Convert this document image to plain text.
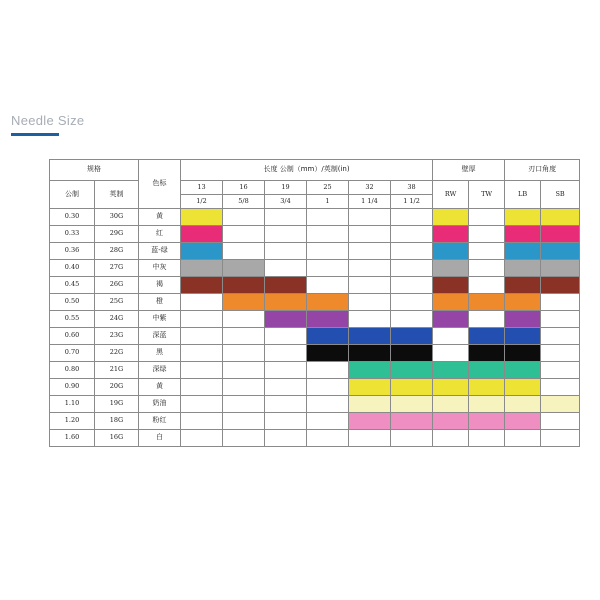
Needle Size
规格		色标	长度 公制（mm）/英制(in)						壁厚		刃口角度	
公制	英制		13	16	19	25	32	38	RW	TW	LB	SB
			1/2	5/8	3/4	1	1 1/4	1 1/2				
0.30	30G	黄										
0.33	29G	红										
0.36	28G	蓝-绿										
0.40	27G	中灰										
0.45	26G	褐										
0.50	25G	橙										
0.55	24G	中紫										
0.60	23G	深蓝										
0.70	22G	黑										
0.80	21G	深绿										
0.90	20G	黄										
1.10	19G	奶油										
1.20	18G	粉红										
1.60	16G	白										
